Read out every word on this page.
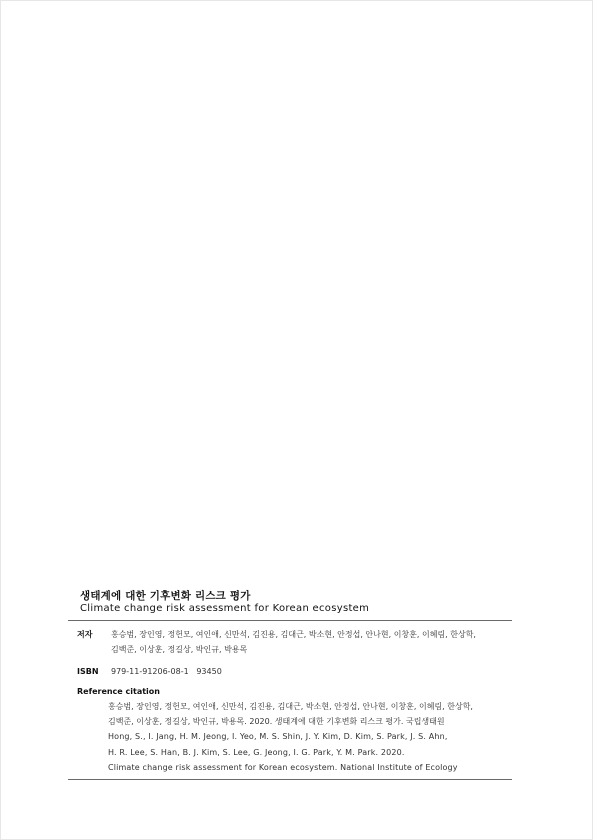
생태계에 대한 기후변화 리스크 평가
Climate change risk assessment for Korean ecosystem
저자	홍승범, 장인영, 정헌모, 여인애, 신만석, 김진용, 김대근, 박소현, 안정섭, 안나현, 이창훈, 이혜림, 한상학,
김백준, 이상훈, 정길상, 박인규, 박용목
ISBN	979-11-91206-08-1   93450
Reference citation
홍승범, 장인영, 정헌모, 여인애, 신만석, 김진용, 김대근, 박소현, 안정섭, 안나현, 이창훈, 이혜림, 한상학,
김백준, 이상훈, 정길상, 박인규, 박용목. 2020. 생태계에 대한 기후변화 리스크 평가. 국립생태원
Hong, S., I. Jang, H. M. Jeong, I. Yeo, M. S. Shin, J. Y. Kim, D. Kim, S. Park, J. S. Ahn,
H. R. Lee, S. Han, B. J. Kim, S. Lee, G. Jeong, I. G. Park, Y. M. Park. 2020.
Climate change risk assessment for Korean ecosystem. National Institute of Ecology
